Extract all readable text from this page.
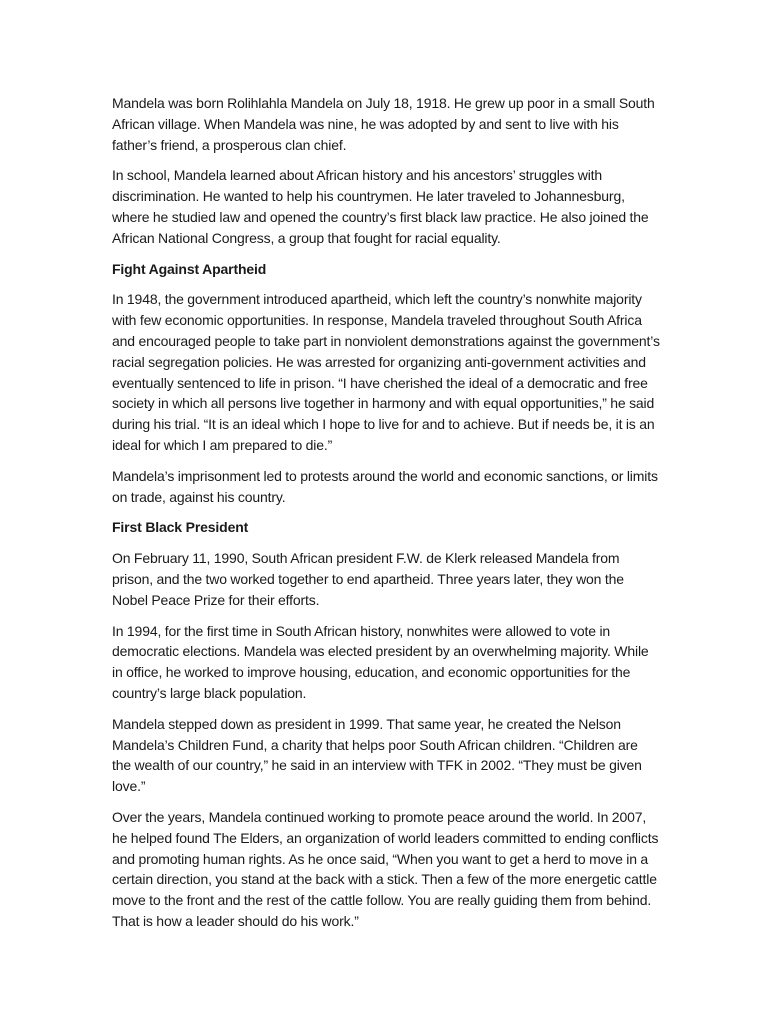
Mandela was born Rolihlahla Mandela on July 18, 1918. He grew up poor in a small South African village. When Mandela was nine, he was adopted by and sent to live with his father’s friend, a prosperous clan chief.

In school, Mandela learned about African history and his ancestors’ struggles with discrimination. He wanted to help his countrymen. He later traveled to Johannesburg, where he studied law and opened the country’s first black law practice. He also joined the African National Congress, a group that fought for racial equality.

Fight Against Apartheid

In 1948, the government introduced apartheid, which left the country’s nonwhite majority with few economic opportunities. In response, Mandela traveled throughout South Africa and encouraged people to take part in nonviolent demonstrations against the government’s racial segregation policies. He was arrested for organizing anti-government activities and eventually sentenced to life in prison. “I have cherished the ideal of a democratic and free society in which all persons live together in harmony and with equal opportunities,” he said during his trial. “It is an ideal which I hope to live for and to achieve. But if needs be, it is an ideal for which I am prepared to die.”

Mandela’s imprisonment led to protests around the world and economic sanctions, or limits on trade, against his country.

First Black President

On February 11, 1990, South African president F.W. de Klerk released Mandela from prison, and the two worked together to end apartheid. Three years later, they won the Nobel Peace Prize for their efforts.

In 1994, for the first time in South African history, nonwhites were allowed to vote in democratic elections. Mandela was elected president by an overwhelming majority. While in office, he worked to improve housing, education, and economic opportunities for the country’s large black population.

Mandela stepped down as president in 1999. That same year, he created the Nelson Mandela’s Children Fund, a charity that helps poor South African children. “Children are the wealth of our country,” he said in an interview with TFK in 2002. “They must be given love.”

Over the years, Mandela continued working to promote peace around the world. In 2007, he helped found The Elders, an organization of world leaders committed to ending conflicts and promoting human rights. As he once said, “When you want to get a herd to move in a certain direction, you stand at the back with a stick. Then a few of the more energetic cattle move to the front and the rest of the cattle follow. You are really guiding them from behind. That is how a leader should do his work.”
